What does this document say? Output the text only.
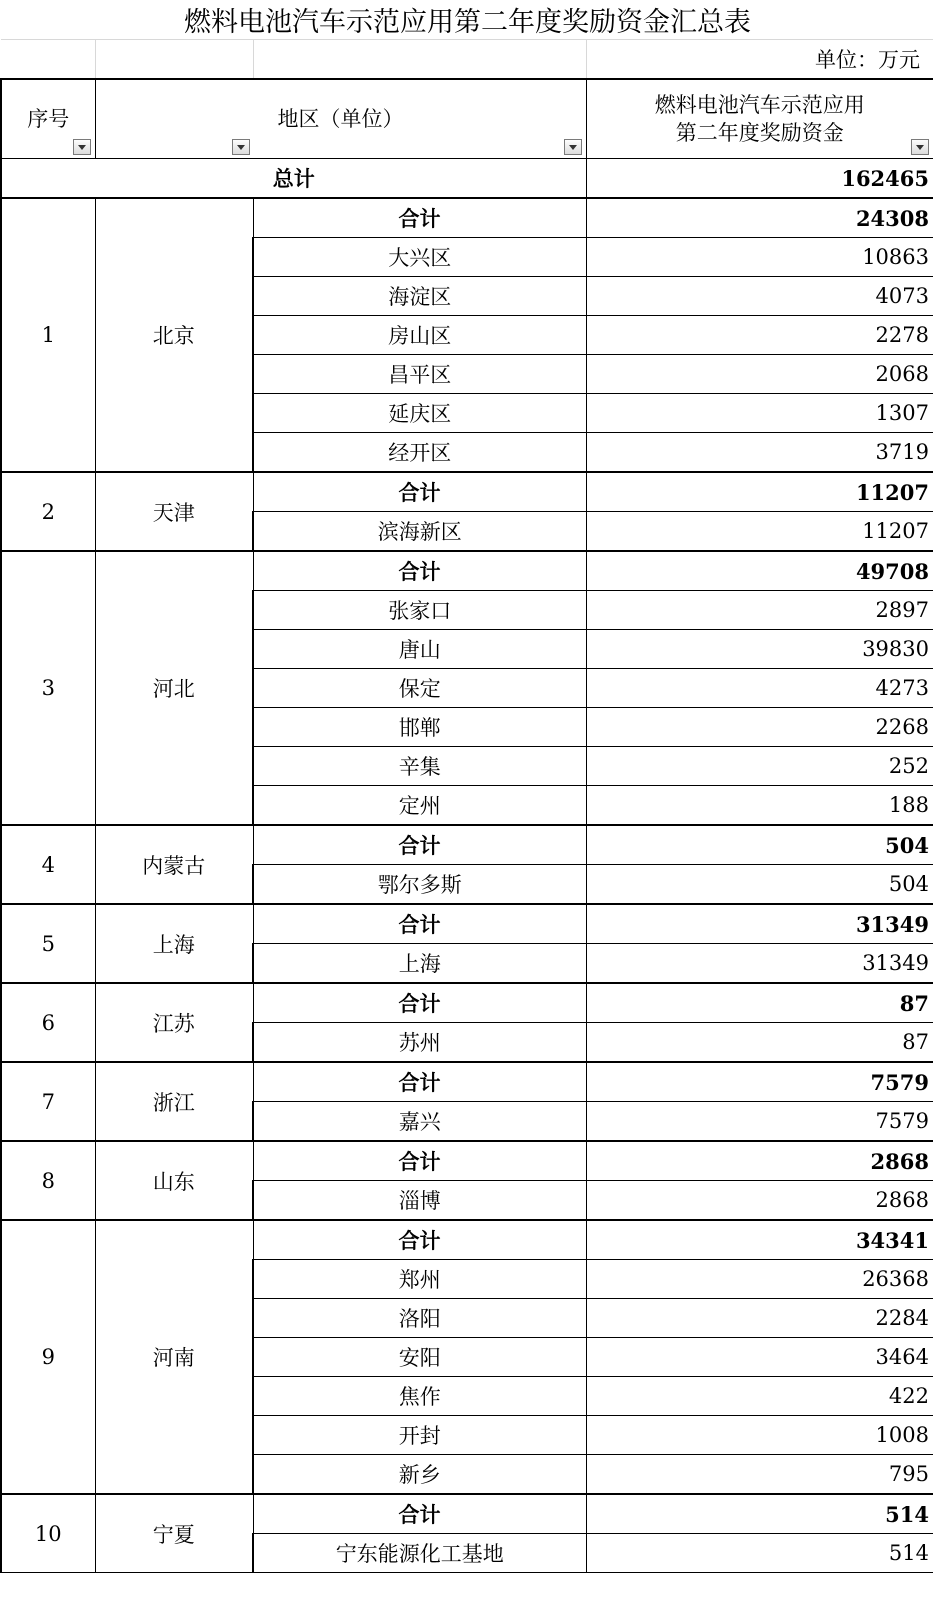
燃料电池汽车示范应用第二年度奖励资金汇总表			
			单位：万元
序号	地区（单位）		燃料电池汽车示范应用
第二年度奖励资金

总计			162465
1	北京	合计	24308
		大兴区	10863
		海淀区	4073
		房山区	2278
		昌平区	2068
		延庆区	1307
		经开区	3719
2	天津	合计	11207
		滨海新区	11207
3	河北	合计	49708
		张家口	2897
		唐山	39830
		保定	4273
		邯郸	2268
		辛集	252
		定州	188
4	内蒙古	合计	504
		鄂尔多斯	504
5	上海	合计	31349
		上海	31349
6	江苏	合计	87
		苏州	87
7	浙江	合计	7579
		嘉兴	7579
8	山东	合计	2868
		淄博	2868
9	河南	合计	34341
		郑州	26368
		洛阳	2284
		安阳	3464
		焦作	422
		开封	1008
		新乡	795
10	宁夏	合计	514
		宁东能源化工基地	514
